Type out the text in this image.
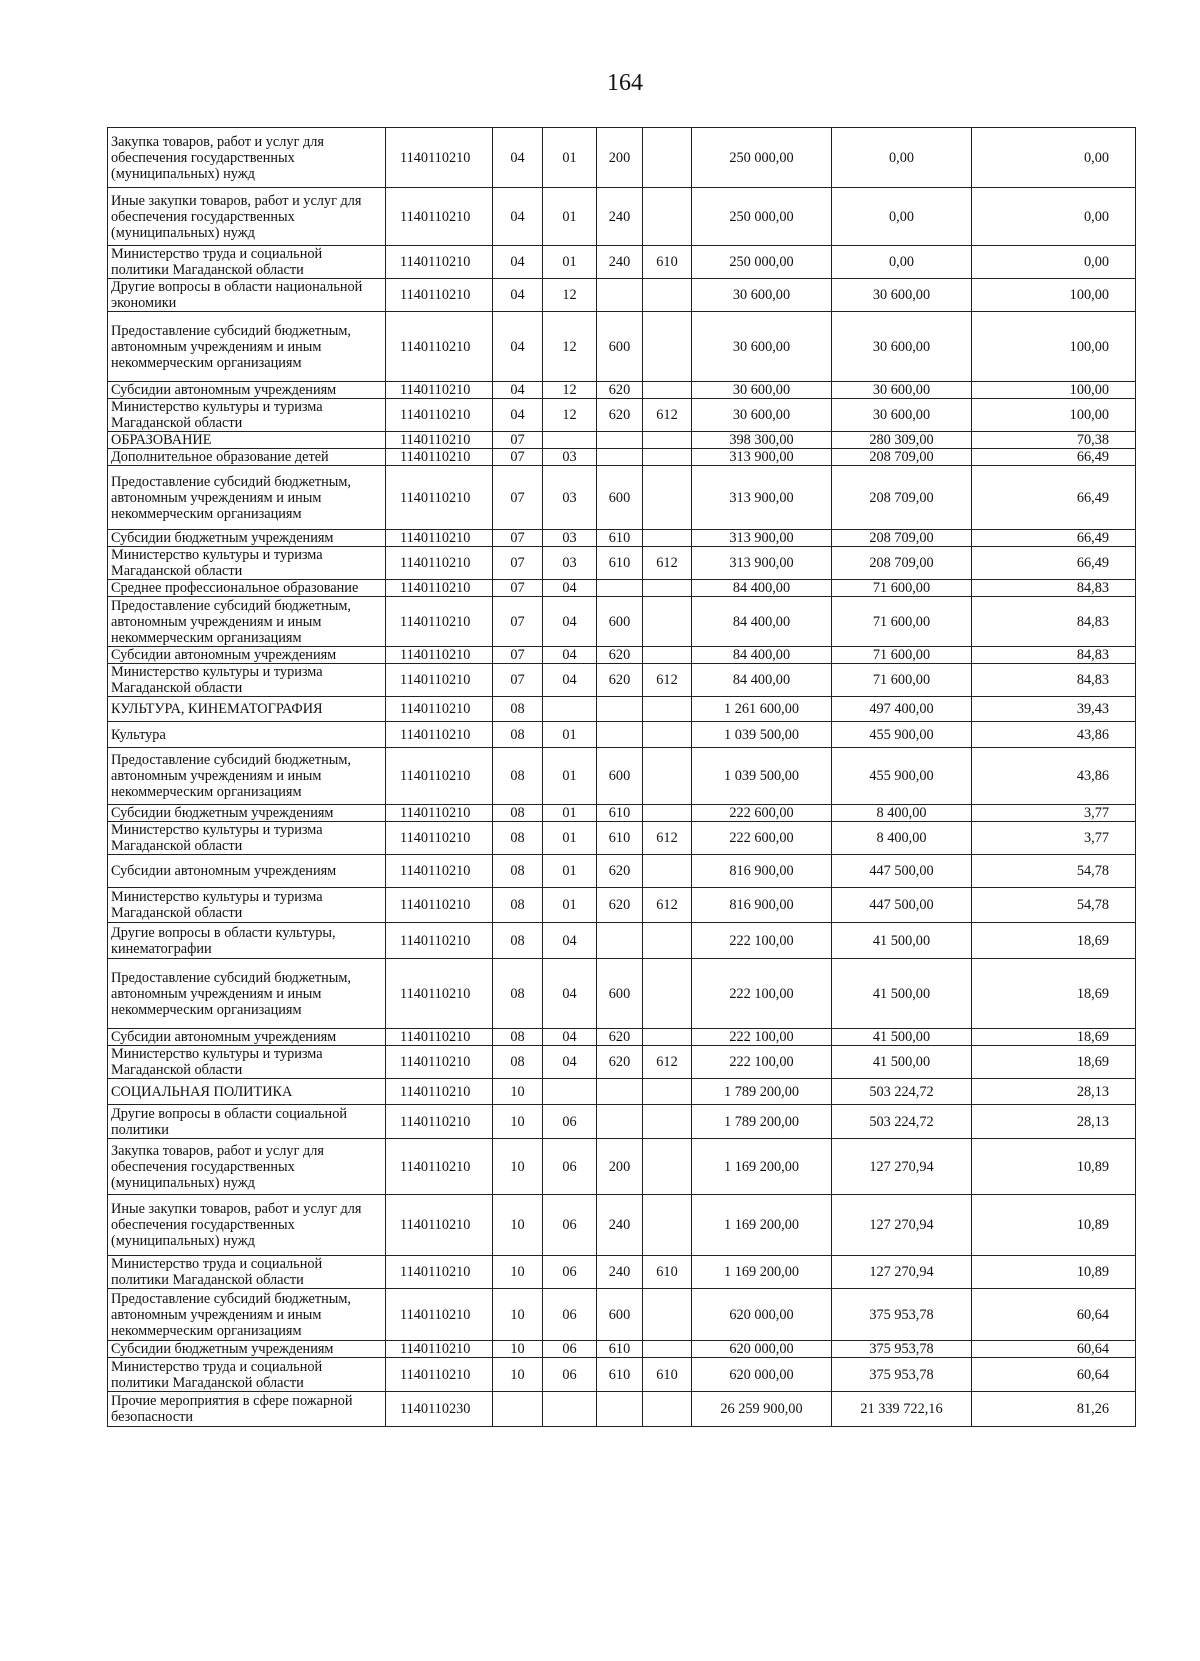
164
Закупка товаров, работ и услуг для обеспечения государственных (муниципальных) нужд	1140110210	04	01	200		250 000,00	0,00	0,00
Иные закупки товаров, работ и услуг для обеспечения государственных (муниципальных) нужд	1140110210	04	01	240		250 000,00	0,00	0,00
Министерство труда и социальной политики Магаданской области	1140110210	04	01	240	610	250 000,00	0,00	0,00
Другие вопросы в области национальной экономики	1140110210	04	12			30 600,00	30 600,00	100,00
Предоставление субсидий бюджетным, автономным учреждениям и иным некоммерческим организациям	1140110210	04	12	600		30 600,00	30 600,00	100,00
Субсидии автономным учреждениям	1140110210	04	12	620		30 600,00	30 600,00	100,00
Министерство культуры и туризма Магаданской области	1140110210	04	12	620	612	30 600,00	30 600,00	100,00
ОБРАЗОВАНИЕ	1140110210	07				398 300,00	280 309,00	70,38
Дополнительное образование детей	1140110210	07	03			313 900,00	208 709,00	66,49
Предоставление субсидий бюджетным, автономным учреждениям и иным некоммерческим организациям	1140110210	07	03	600		313 900,00	208 709,00	66,49
Субсидии бюджетным учреждениям	1140110210	07	03	610		313 900,00	208 709,00	66,49
Министерство культуры и туризма Магаданской области	1140110210	07	03	610	612	313 900,00	208 709,00	66,49
Среднее профессиональное образование	1140110210	07	04			84 400,00	71 600,00	84,83
Предоставление субсидий бюджетным, автономным учреждениям и иным некоммерческим организациям	1140110210	07	04	600		84 400,00	71 600,00	84,83
Субсидии автономным учреждениям	1140110210	07	04	620		84 400,00	71 600,00	84,83
Министерство культуры и туризма Магаданской области	1140110210	07	04	620	612	84 400,00	71 600,00	84,83
КУЛЬТУРА, КИНЕМАТОГРАФИЯ	1140110210	08				1 261 600,00	497 400,00	39,43
Культура	1140110210	08	01			1 039 500,00	455 900,00	43,86
Предоставление субсидий бюджетным, автономным учреждениям и иным некоммерческим организациям	1140110210	08	01	600		1 039 500,00	455 900,00	43,86
Субсидии бюджетным учреждениям	1140110210	08	01	610		222 600,00	8 400,00	3,77
Министерство культуры и туризма Магаданской области	1140110210	08	01	610	612	222 600,00	8 400,00	3,77
Субсидии автономным учреждениям	1140110210	08	01	620		816 900,00	447 500,00	54,78
Министерство культуры и туризма Магаданской области	1140110210	08	01	620	612	816 900,00	447 500,00	54,78
Другие вопросы в области культуры, кинематографии	1140110210	08	04			222 100,00	41 500,00	18,69
Предоставление субсидий бюджетным, автономным учреждениям и иным некоммерческим организациям	1140110210	08	04	600		222 100,00	41 500,00	18,69
Субсидии автономным учреждениям	1140110210	08	04	620		222 100,00	41 500,00	18,69
Министерство культуры и туризма Магаданской области	1140110210	08	04	620	612	222 100,00	41 500,00	18,69
СОЦИАЛЬНАЯ ПОЛИТИКА	1140110210	10				1 789 200,00	503 224,72	28,13
Другие вопросы в области социальной политики	1140110210	10	06			1 789 200,00	503 224,72	28,13
Закупка товаров, работ и услуг для обеспечения государственных (муниципальных) нужд	1140110210	10	06	200		1 169 200,00	127 270,94	10,89
Иные закупки товаров, работ и услуг для обеспечения государственных (муниципальных) нужд	1140110210	10	06	240		1 169 200,00	127 270,94	10,89
Министерство труда и социальной политики Магаданской области	1140110210	10	06	240	610	1 169 200,00	127 270,94	10,89
Предоставление субсидий бюджетным, автономным учреждениям и иным некоммерческим организациям	1140110210	10	06	600		620 000,00	375 953,78	60,64
Субсидии бюджетным учреждениям	1140110210	10	06	610		620 000,00	375 953,78	60,64
Министерство труда и социальной политики Магаданской области	1140110210	10	06	610	610	620 000,00	375 953,78	60,64
Прочие мероприятия в сфере пожарной безопасности	1140110230					26 259 900,00	21 339 722,16	81,26
